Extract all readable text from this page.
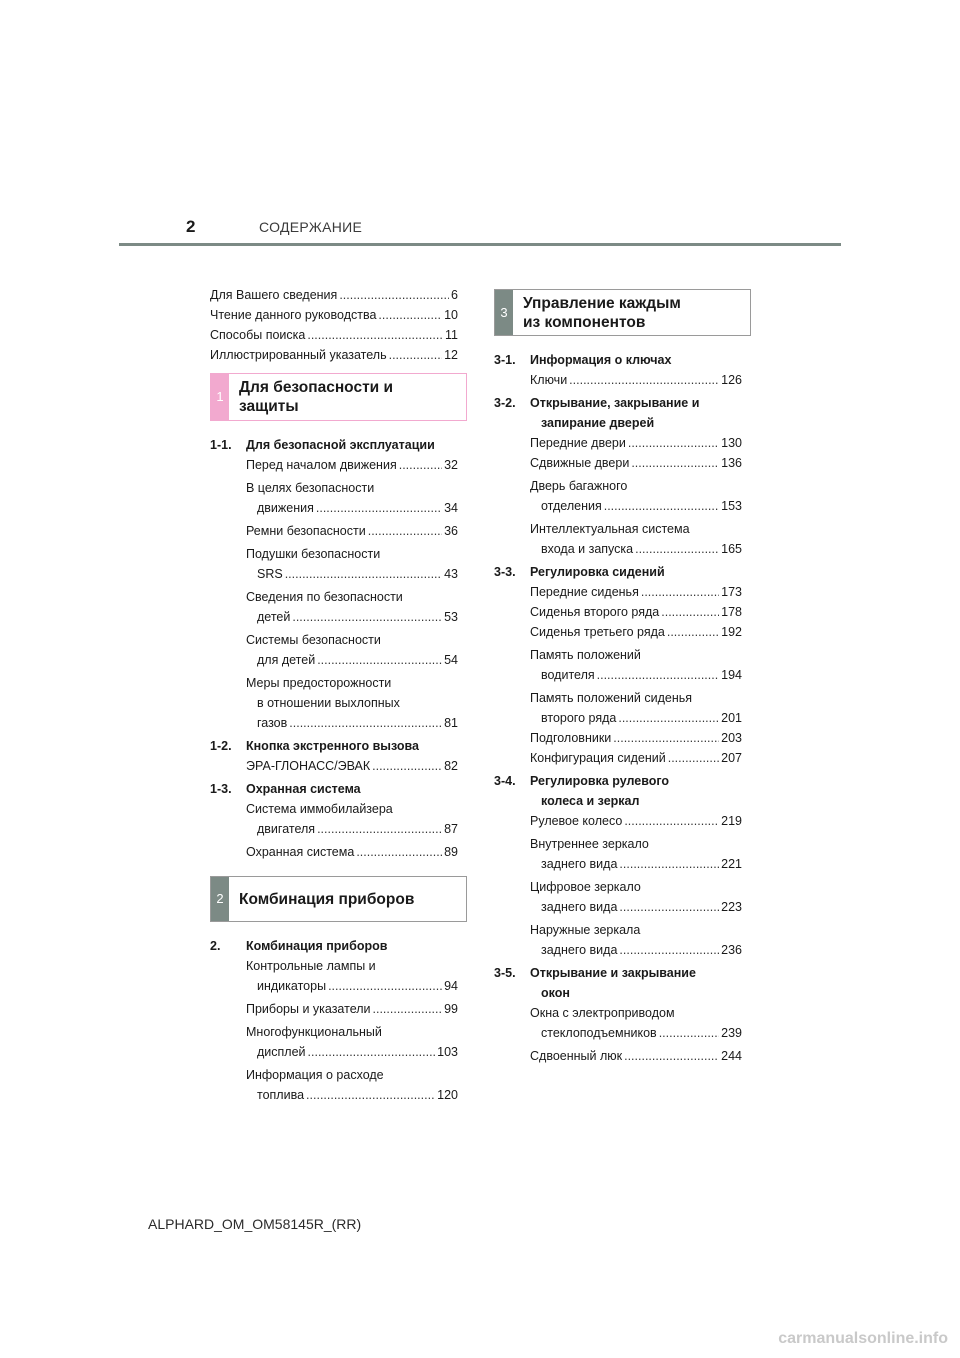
2	СОДЕРЖАНИЕ
Для Вашего сведения .....	6
Чтение данного руководства .....	10
Способы поиска .....	11
Иллюстрированный указатель .....	12
1
Для безопасности и
защиты
1-1.	Для безопасной эксплуатации
Перед началом движения .....	32
В целях безопасности
движения .....	34
Ремни безопасности .....	36
Подушки безопасности
SRS .....	43
Сведения по безопасности
детей .....	53
Системы безопасности
для детей .....	54
Меры предосторожности
в отношении выхлопных
газов .....	81
1-2.	Кнопка экстренного вызова
ЭРА-ГЛОНАСС/ЭВАК .....	82
1-3.	Охранная система
Система иммобилайзера
двигателя .....	87
Охранная система .....	89
2 Комбинация приборов
2.	Комбинация приборов
Контрольные лампы и
индикаторы .....	94
Приборы и указатели .....	99
Многофункциональный
дисплей .....	103
Информация о расходе
топлива .....	120
3
Управление каждым
из компонентов
3-1.	Информация о ключах
Ключи .....	126
3-2.	Открывание, закрывание и
запирание дверей
Передние двери .....	130
Сдвижные двери .....	136
Дверь багажного
отделения .....	153
Интеллектуальная система
входа и запуска .....	165
3-3.	Регулировка сидений
Передние сиденья .....	173
Сиденья второго ряда .....	178
Сиденья третьего ряда .....	192
Память положений
водителя .....	194
Память положений сиденья
второго ряда .....	201
Подголовники .....	203
Конфигурация сидений .....	207
3-4.	Регулировка рулевого
колеса и зеркал
Рулевое колесо .....	219
Внутреннее зеркало
заднего вида .....	221
Цифровое зеркало
заднего вида .....	223
Наружные зеркала
заднего вида .....	236
3-5.	Открывание и закрывание
окон
Окна с электроприводом
стеклоподъемников .....	239
Сдвоенный люк .....	244
ALPHARD_OM_OM58145R_(RR)
carmanualsonline.info
